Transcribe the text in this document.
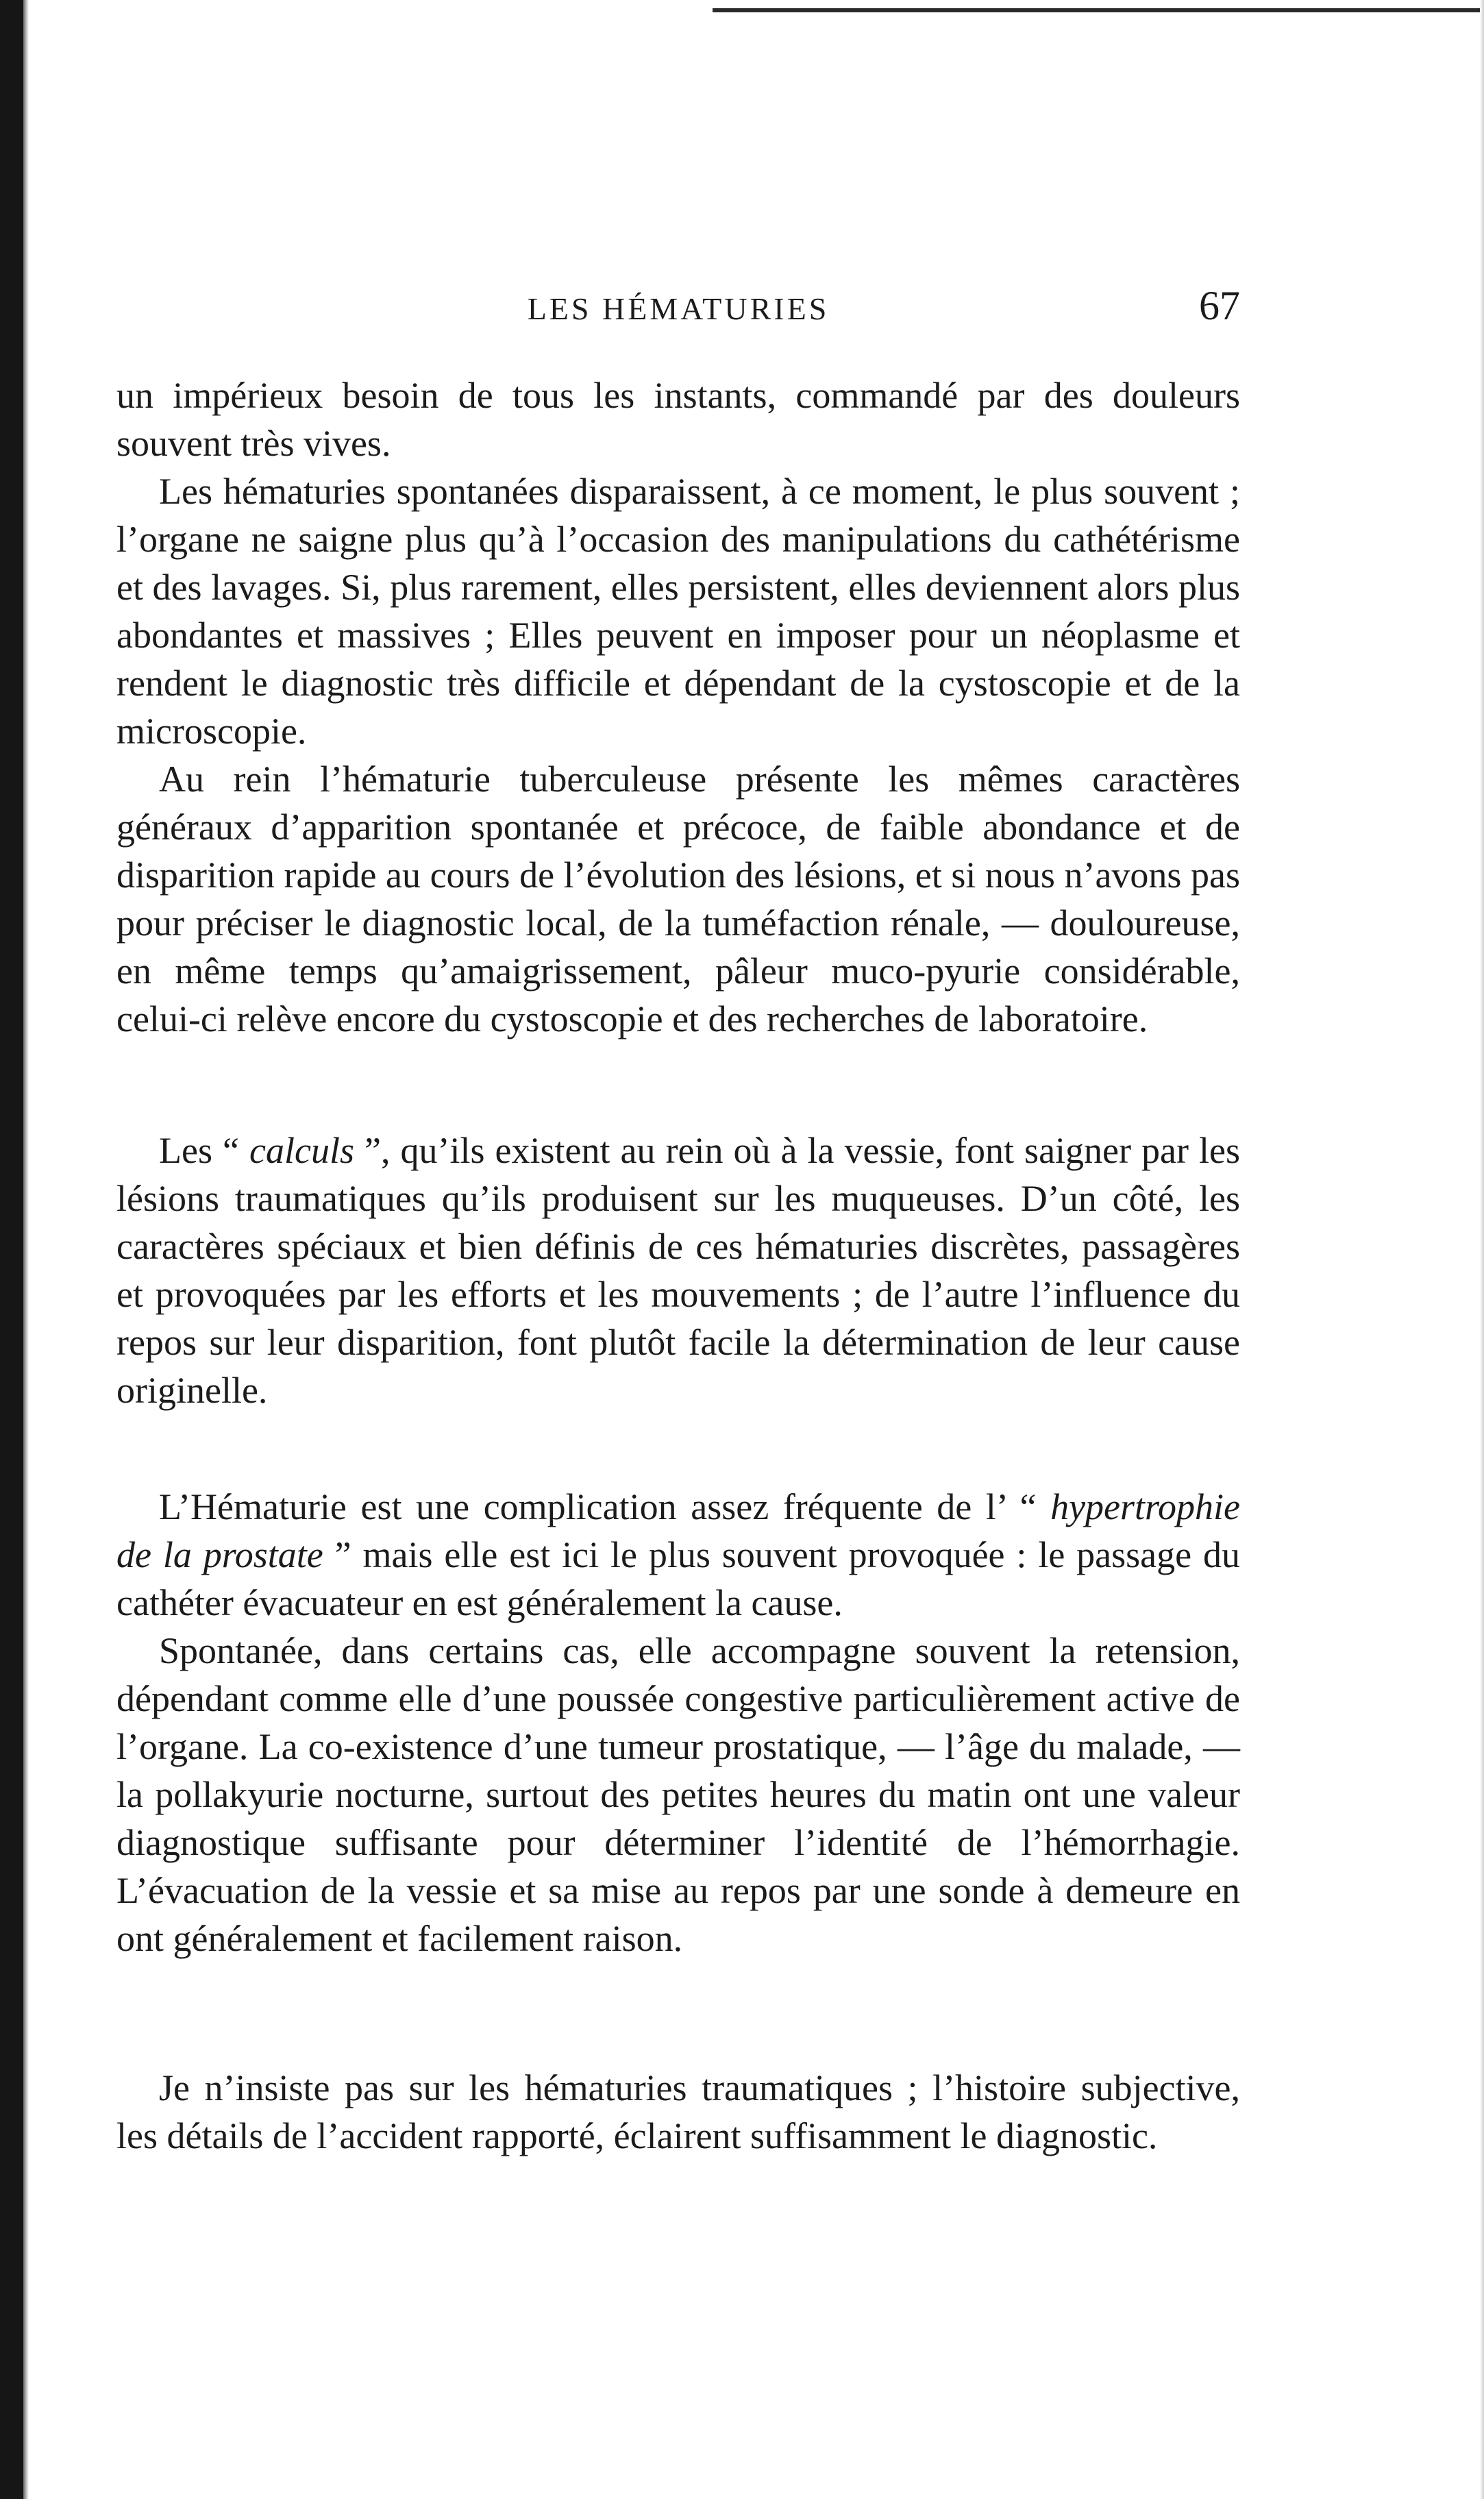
LES HÉMATURIES	67

un impérieux besoin de tous les instants, commandé par des douleurs souvent très vives.

Les hématuries spontanées disparaissent, à ce moment, le plus souvent ; l’organe ne saigne plus qu’à l’occasion des manipulations du cathétérisme et des lavages. Si, plus rarement, elles persistent, elles deviennent alors plus abondantes et massives ; Elles peuvent en imposer pour un néoplasme et rendent le diagnostic très difficile et dépendant de la cystoscopie et de la microscopie.

Au rein l’hématurie tuberculeuse présente les mêmes caractères généraux d’apparition spontanée et précoce, de faible abondance et de disparition rapide au cours de l’évolution des lésions, et si nous n’avons pas pour préciser le diagnostic local, de la tuméfaction rénale, — douloureuse, en même temps qu’amaigrissement, pâleur muco-pyurie considérable, celui-ci relève encore du cystoscopie et des recherches de laboratoire.

Les “ calculs ”, qu’ils existent au rein où à la vessie, font saigner par les lésions traumatiques qu’ils produisent sur les muqueuses. D’un côté, les caractères spéciaux et bien définis de ces hématuries discrètes, passagères et provoquées par les efforts et les mouvements ; de l’autre l’influence du repos sur leur disparition, font plutôt facile la détermination de leur cause originelle.

L’Hématurie est une complication assez fréquente de l’ “ hypertrophie de la prostate ” mais elle est ici le plus souvent provoquée : le passage du cathéter évacuateur en est généralement la cause.

Spontanée, dans certains cas, elle accompagne souvent la retension, dépendant comme elle d’une poussée congestive particulièrement active de l’organe. La co-existence d’une tumeur prostatique, — l’âge du malade, — la pollakyurie nocturne, surtout des petites heures du matin ont une valeur diagnostique suffisante pour déterminer l’identité de l’hémorrhagie. L’évacuation de la vessie et sa mise au repos par une sonde à demeure en ont généralement et facilement raison.

Je n’insiste pas sur les hématuries traumatiques ; l’histoire subjective, les détails de l’accident rapporté, éclairent suffisamment le diagnostic.
